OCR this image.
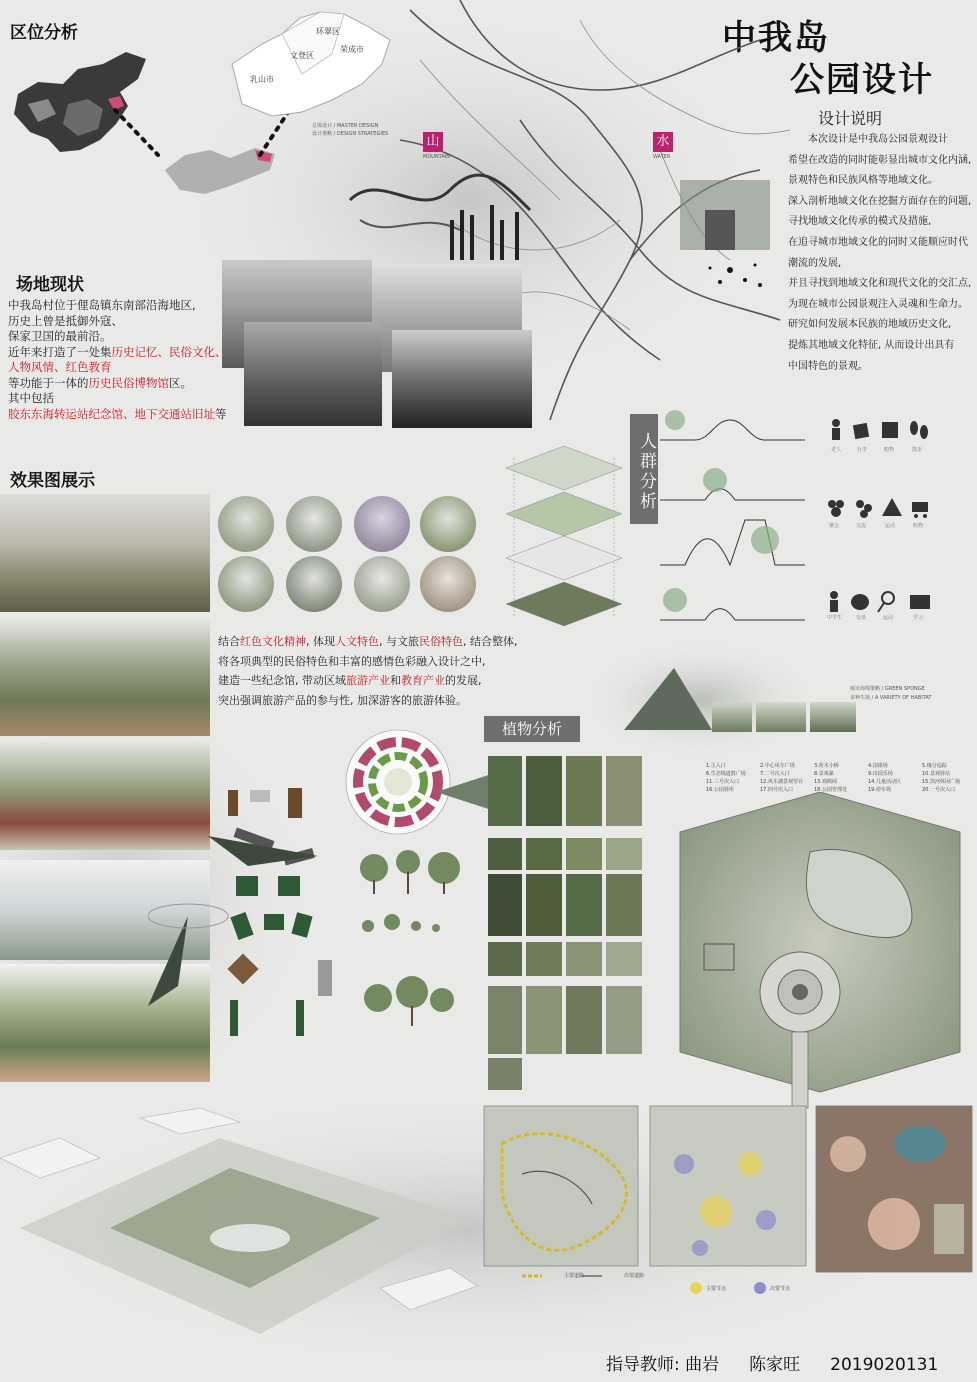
中我岛
公园设计
区位分析
场地现状
效果图展示
设计说明
乳山市
文登区
环翠区
荣成市
总体设计 / MASTER DESIGN
设计策略 / DESIGN STRATEGIES	山
MOUNTAIN
水
WATER

本次设计是中我岛公园景观设计

希望在改造的同时能彰显出城市文化内涵,

景观特色和民族风格等地域文化。

深入剖析地域文化在挖掘方面存在的问题,

寻找地域文化传承的模式及措施,

在追寻城市地域文化的同时又能顺应时代

潮流的发展,

并且寻找到地域文化和现代文化的交汇点,

为现在城市公园景观注入灵魂和生命力。

研究如何发展本民族的地域历史文化,

提炼其地域文化特征, 从而设计出具有

中国特色的景观。

中我岛村位于俚岛镇东南部沿海地区,

历史上曾是抵御外寇、

保家卫国的最前沿。

近年来打造了一处集历史记忆、民俗文化、

人物风情、红色教育

等功能于一体的历史民俗博物馆区。

其中包括

胶东东海转运站纪念馆、地下交通站旧址等

结合红色文化精神, 体现人文特色, 与文旅民俗特色, 结合整体,

将各项典型的民俗特色和丰富的感情色彩融入设计之中,

建造一些纪念馆, 带动区域旅游产业和教育产业的发展,

突出强调旅游产品的参与性, 加深游客的旅游体验。

人群分析	老人	行李	购物	散步
聚会	交流	运动	购物
中学生	交谈	运动	学习
城市海绵策略 / GREEN SPONGE
多种生境 / A VARIETY OF HABITAT
植物分析
1.主入口	2.中心风车广场	3.荷木小桥	4.国球场	5.缘分追踪
6.生态栈道散广场	7.二号次入口	8.景观暴	9.田园乐场	10.景观驿站
11.三号次入口	12.风车湖景观票台 13.观鹤阁	14.儿童活动区	15.滨河休闲广场
16.公园驿所	17.四号次入口	18.公园管理处	19.停车场	20.一号次入口
主要道路	次要道路
主要节点	次要节点
指导教师: 曲岩 陈家旺 2019020131
